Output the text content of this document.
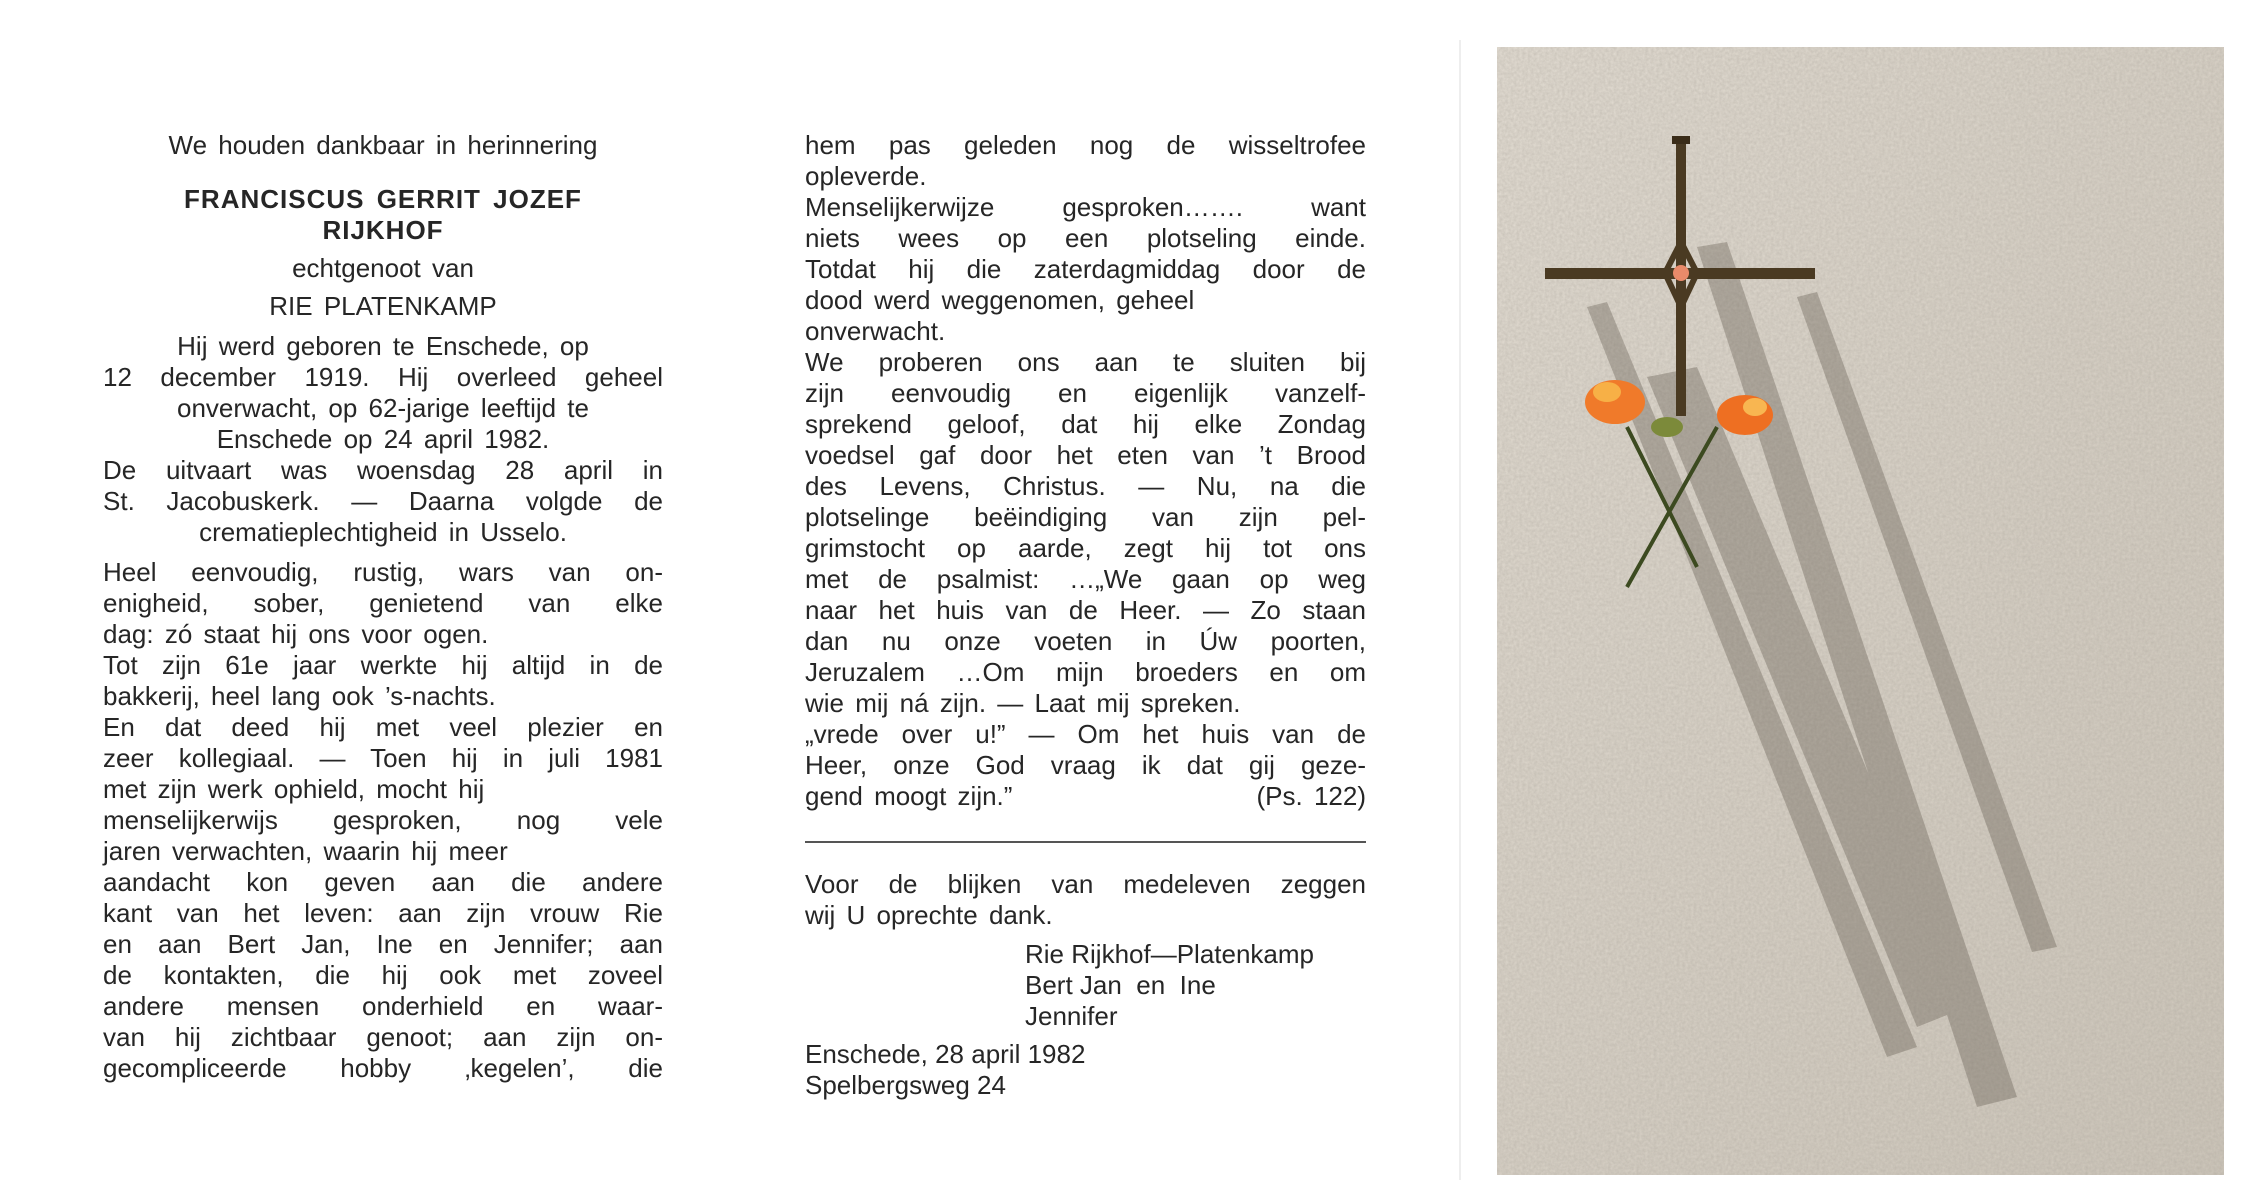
We houden dankbaar in herinnering
FRANCISCUS GERRIT JOZEF
RIJKHOF
echtgenoot van
RIE PLATENKAMP
Hij werd geboren te Enschede, op
12 december 1919. Hij overleed geheel
onverwacht, op 62-jarige leeftijd te
Enschede op 24 april 1982.
De uitvaart was woensdag 28 april in
St. Jacobuskerk. — Daarna volgde de
crematieplechtigheid in Usselo.
Heel eenvoudig, rustig, wars van on-
enigheid, sober, genietend van elke
dag: zó staat hij ons voor ogen.
Tot zijn 61e jaar werkte hij altijd in de
bakkerij, heel lang ook ’s-nachts.
En dat deed hij met veel plezier en
zeer kollegiaal. — Toen hij in juli 1981
met zijn werk ophield, mocht hij
menselijkerwijs gesproken, nog vele
jaren verwachten, waarin hij meer
aandacht kon geven aan die andere
kant van het leven: aan zijn vrouw Rie
en aan Bert Jan, Ine en Jennifer; aan
de kontakten, die hij ook met zoveel
andere mensen onderhield en waar-
van hij zichtbaar genoot; aan zijn on-
gecompliceerde hobby ‚kegelen’, die
hem pas geleden nog de wisseltrofee
opleverde.
Menselijkerwijze gesproken……. want
niets wees op een plotseling einde.
Totdat hij die zaterdagmiddag door de
dood werd weggenomen, geheel
onverwacht.
We proberen ons aan te sluiten bij
zijn eenvoudig en eigenlijk vanzelf-
sprekend geloof, dat hij elke Zondag
voedsel gaf door het eten van ’t Brood
des Levens, Christus. — Nu, na die
plotselinge beëindiging van zijn pel-
grimstocht op aarde, zegt hij tot ons
met de psalmist: …„We gaan op weg
naar het huis van de Heer. — Zo staan
dan nu onze voeten in Úw poorten,
Jeruzalem …Om mijn broeders en om
wie mij ná zijn. — Laat mij spreken.
„vrede over u!” — Om het huis van de
Heer, onze God vraag ik dat gij geze-
gend moogt zijn.”	(Ps. 122)
Voor de blijken van medeleven zeggen
wij U oprechte dank.
Rie Rijkhof—Platenkamp
Bert Jan  en  Ine
Jennifer
Enschede, 28 april 1982
Spelbergsweg 24
